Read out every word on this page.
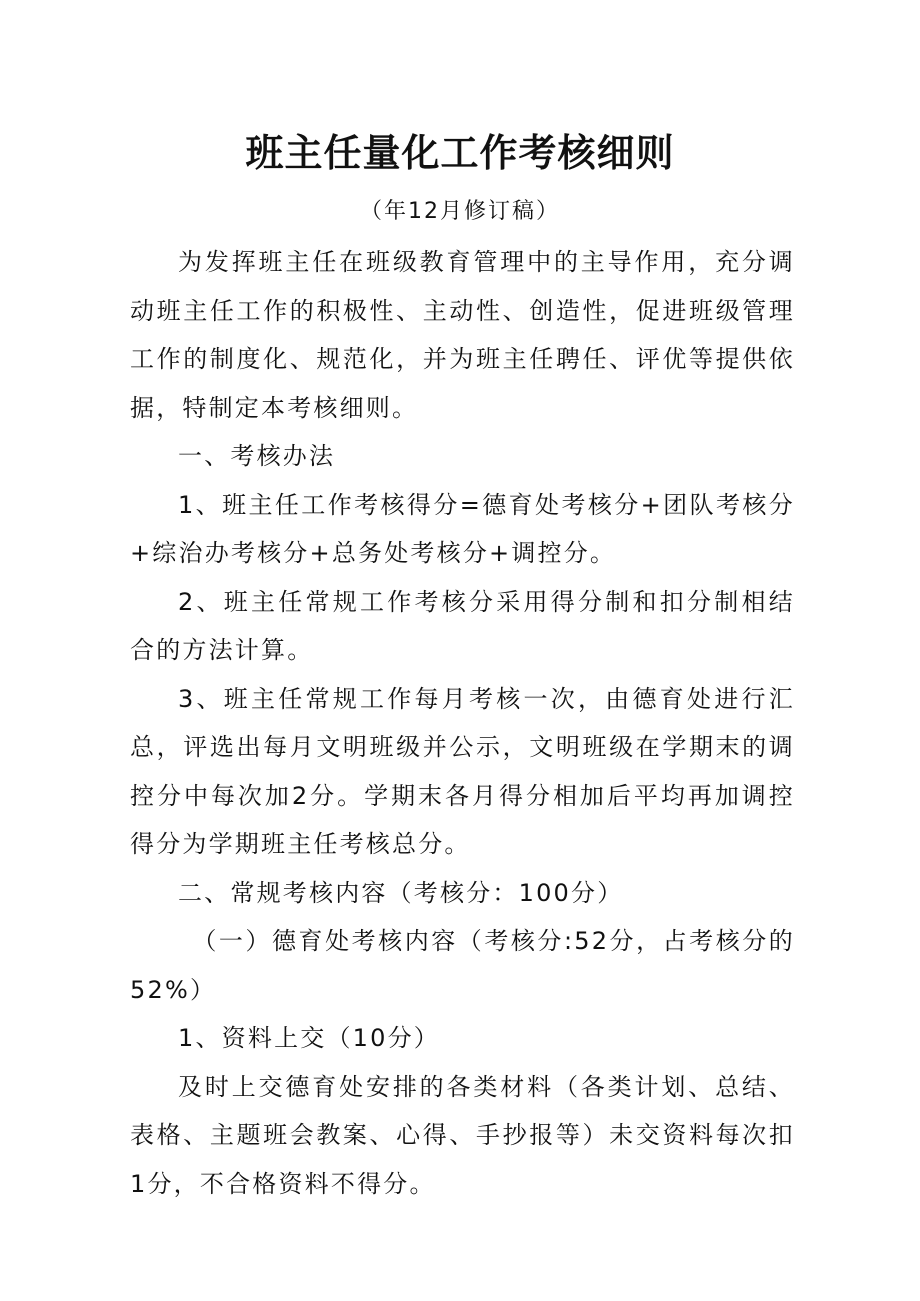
班主任量化工作考核细则
（年12月修订稿）

为发挥班主任在班级教育管理中的主导作用，充分调动班主任工作的积极性、主动性、创造性，促进班级管理工作的制度化、规范化，并为班主任聘任、评优等提供依据，特制定本考核细则。

一、考核办法

1、班主任工作考核得分=德育处考核分+团队考核分+综治办考核分+总务处考核分+调控分。

2、班主任常规工作考核分采用得分制和扣分制相结合的方法计算。

3、班主任常规工作每月考核一次，由德育处进行汇总，评选出每月文明班级并公示，文明班级在学期末的调控分中每次加2分。学期末各月得分相加后平均再加调控得分为学期班主任考核总分。

二、常规考核内容（考核分：100分）

（一）德育处考核内容（考核分:52分，占考核分的52%）

1、资料上交（10分）

及时上交德育处安排的各类材料（各类计划、总结、表格、主题班会教案、心得、手抄报等）未交资料每次扣1分，不合格资料不得分。
